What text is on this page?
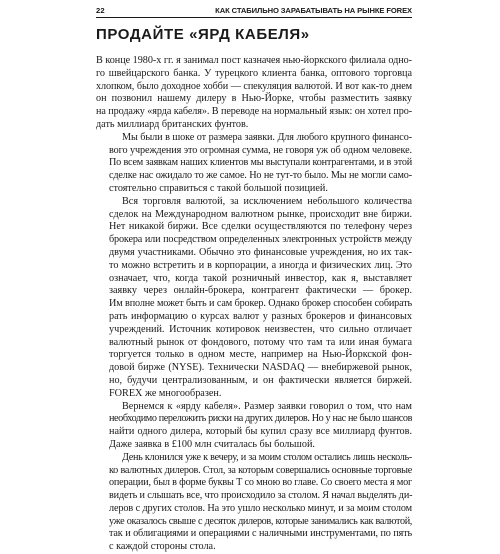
22	КАК СТАБИЛЬНО ЗАРАБАТЫВАТЬ НА РЫНКЕ FOREX
ПРОДАЙТЕ «ЯРД КАБЕЛЯ»

В конце 1980-х гг. я занимал пост казначея нью-йоркского филиала одно-
го швейцарского банка. У турецкого клиента банка, оптового торговца
хлопком, было доходное хобби — спекуляция валютой. И вот как-то днем
он позвонил нашему дилеру в Нью-Йорке, чтобы разместить заявку
на продажу «ярда кабеля». В переводе на нормальный язык: он хотел про-
дать миллиард британских фунтов.

Мы были в шоке от размера заявки. Для любого крупного финансо-
вого учреждения это огромная сумма, не говоря уж об одном человеке.
По всем заявкам наших клиентов мы выступали контрагентами, и в этой
сделке нас ожидало то же самое. Но не тут-то было. Мы не могли само-
стоятельно справиться с такой большой позицией.

Вся торговля валютой, за исключением небольшого количества
сделок на Международном валютном рынке, происходит вне биржи.
Нет никакой биржи. Все сделки осуществляются по телефону через
брокера или посредством определенных электронных устройств между
двумя участниками. Обычно это финансовые учреждения, но их так-
то можно встретить и в корпорации, а иногда и физических лиц. Это
означает, что, когда такой розничный инвестор, как я, выставляет
заявку через онлайн-брокера, контрагент фактически — брокер.
Им вполне может быть и сам брокер. Однако брокер способен собирать
рать информацию о курсах валют у разных брокеров и финансовых
учреждений. Источник котировок неизвестен, что сильно отличает
валютный рынок от фондового, потому что там та или иная бумага
торгуется только в одном месте, например на Нью-Йоркской фон-
довой бирже (NYSE). Технически NASDAQ — внебиржевой рынок,
но, будучи централизованным, и он фактически является биржей.
FOREX же многообразен.

Вернемся к «ярду кабеля». Размер заявки говорил о том, что нам
необходимо переложить риски на других дилеров. Но у нас не было шансов
найти одного дилера, который бы купил сразу все миллиард фунтов.
Даже заявка в £100 млн считалась бы большой.

День клонился уже к вечеру, и за моим столом остались лишь несколь-
ко валютных дилеров. Стол, за которым совершались основные торговые
операции, был в форме буквы Т со мною во главе. Со своего места я мог
видеть и слышать все, что происходило за столом. Я начал выделять ди-
леров с других столов. На это ушло несколько минут, и за моим столом
уже оказалось свыше с десяток дилеров, которые занимались как валютой,
так и облигациями и операциями с наличными инструментами, по пять
с каждой стороны стола.
